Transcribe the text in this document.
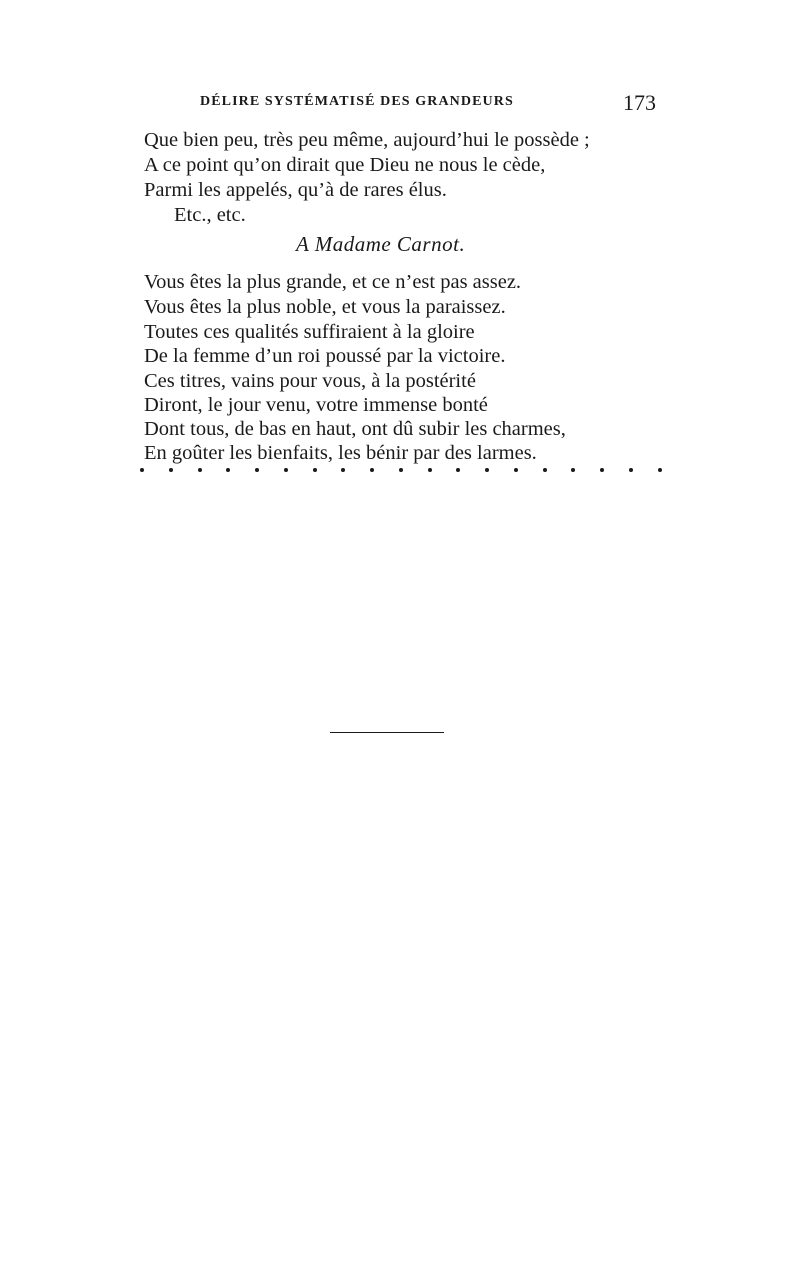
DÉLIRE SYSTÉMATISÉ DES GRANDEURS	173
Que bien peu, très peu même, aujourd’hui le possède ;
A ce point qu’on dirait que Dieu ne nous le cède,
Parmi les appelés, qu’à de rares élus.
Etc., etc.
A Madame Carnot.
Vous êtes la plus grande, et ce n’est pas assez.
Vous êtes la plus noble, et vous la paraissez.
Toutes ces qualités suffiraient à la gloire
De la femme d’un roi poussé par la victoire.
Ces titres, vains pour vous, à la postérité
Diront, le jour venu, votre immense bonté
Dont tous, de bas en haut, ont dû subir les charmes,
En goûter les bienfaits, les bénir par des larmes.
